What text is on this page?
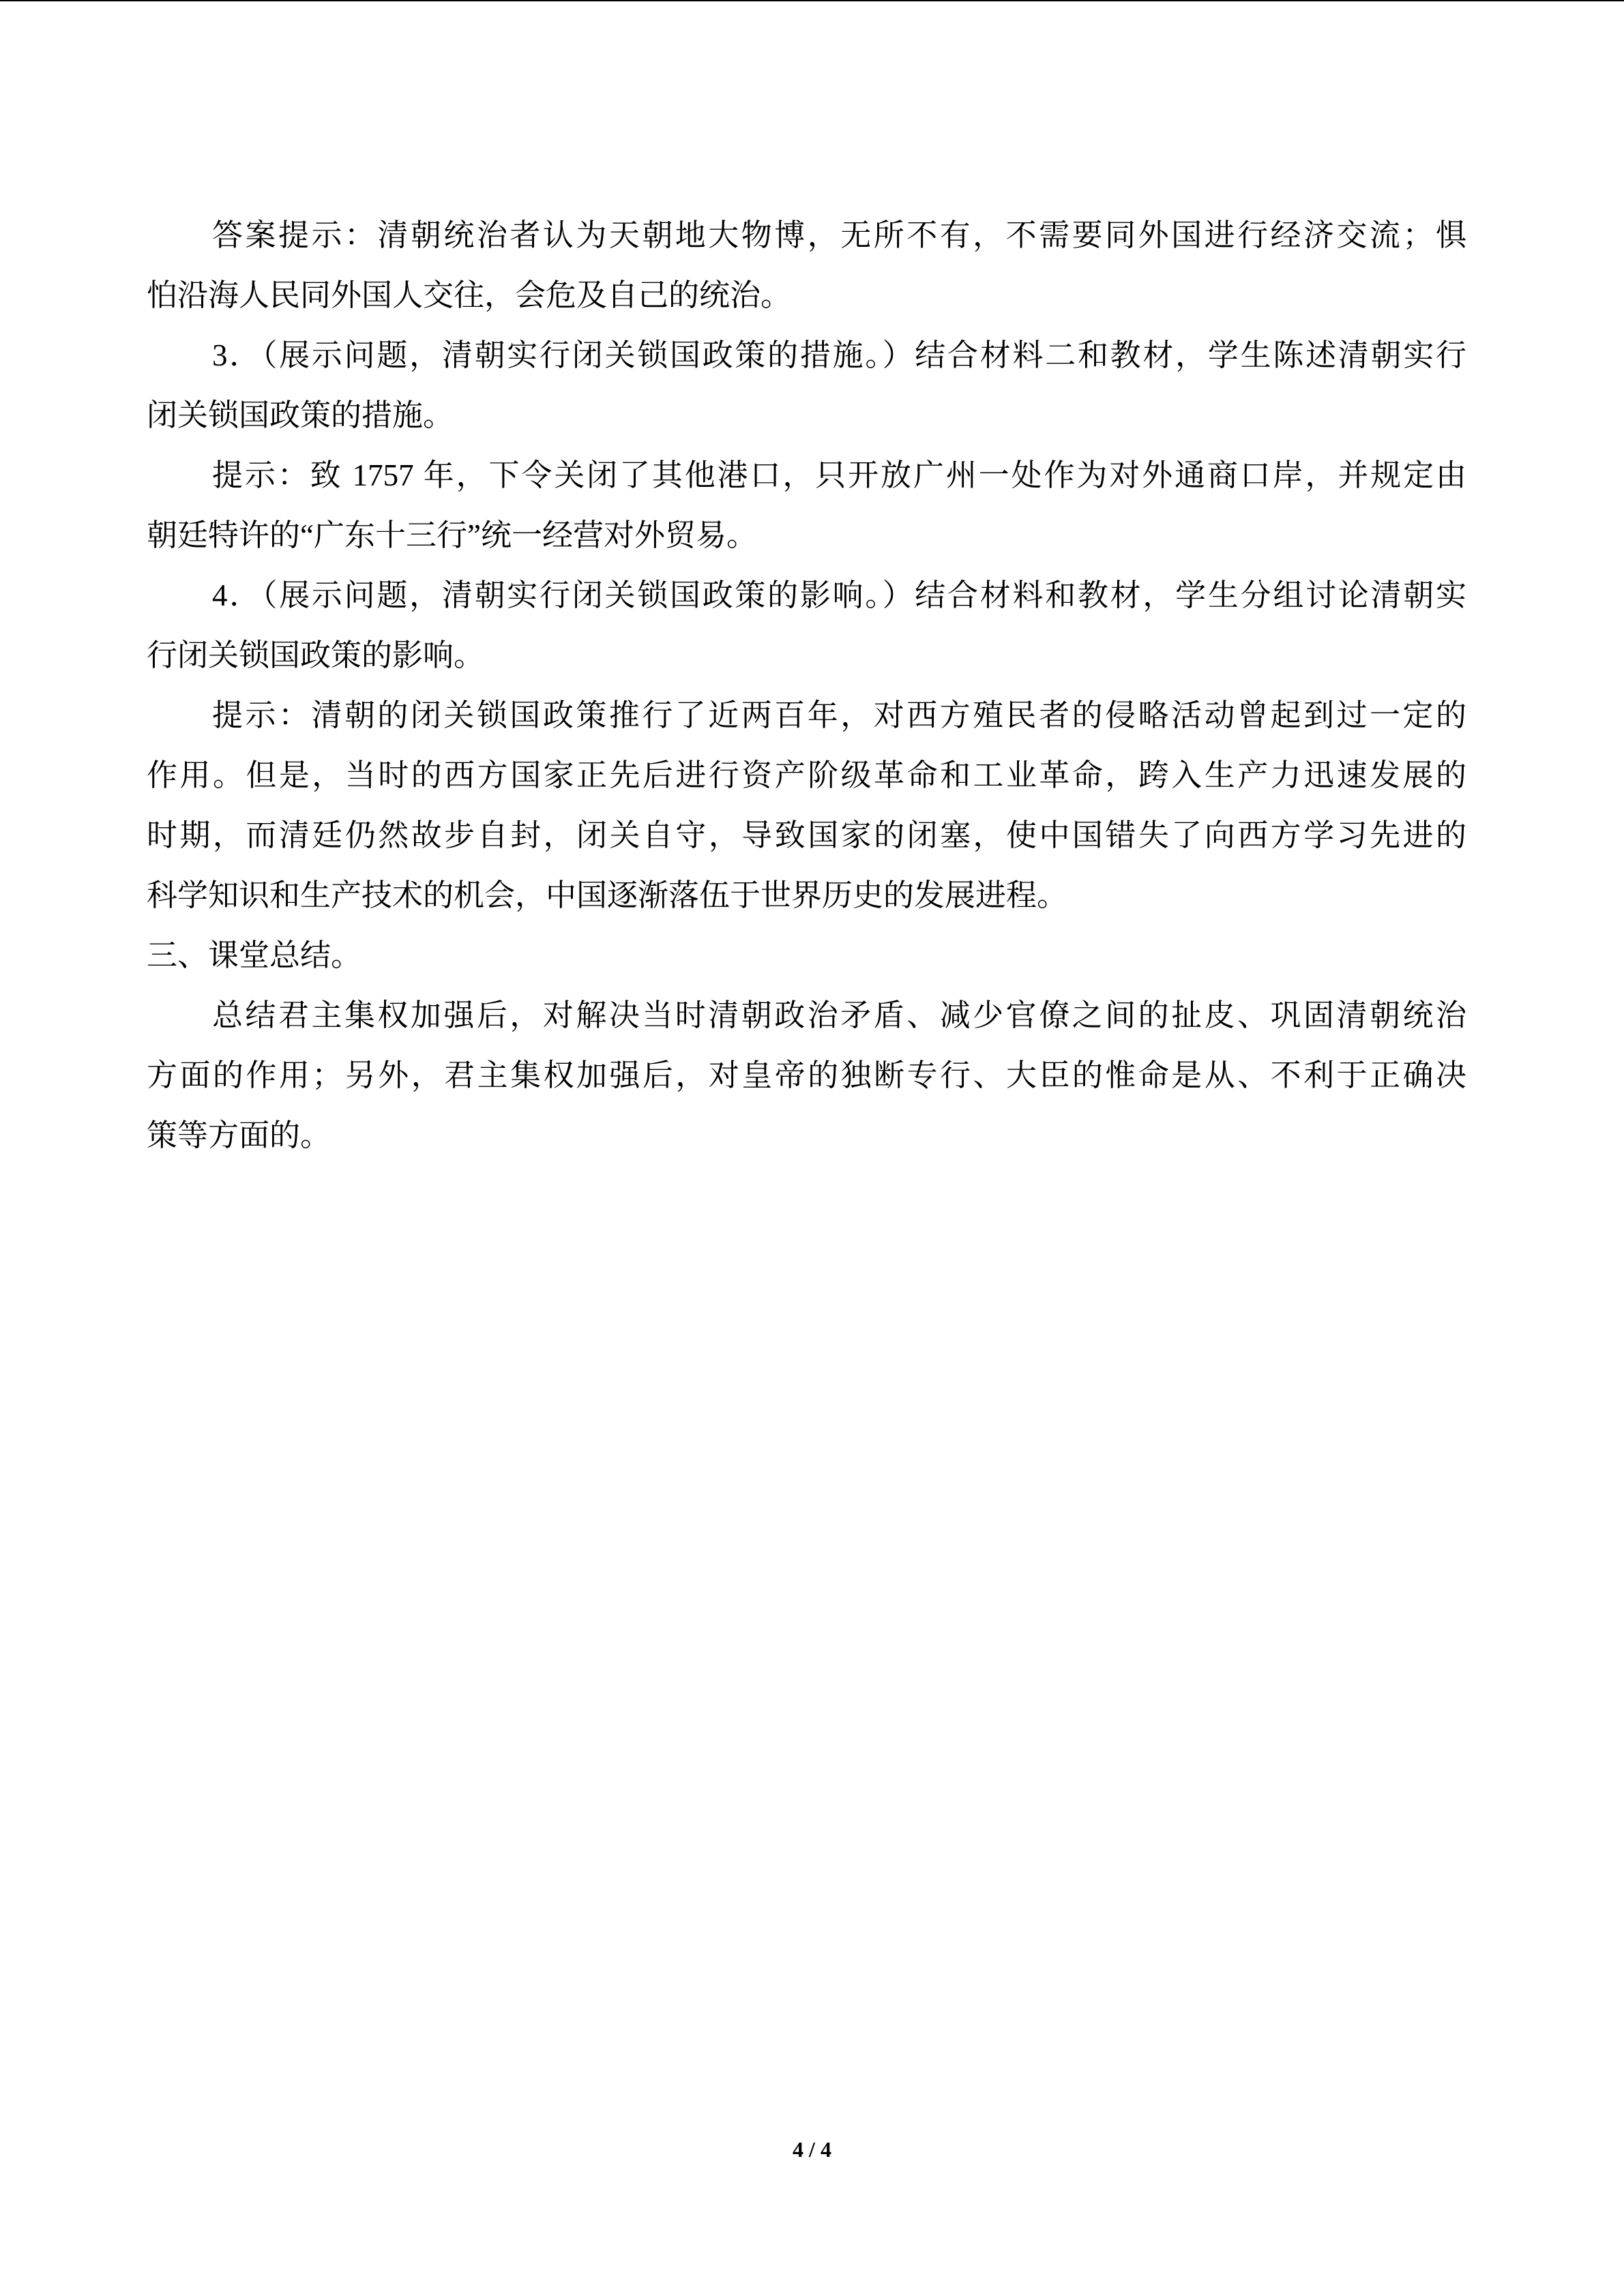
答案提示：清朝统治者认为天朝地大物博，无所不有，不需要同外国进行经济交流；惧
怕沿海人民同外国人交往，会危及自己的统治。
3．（展示问题，清朝实行闭关锁国政策的措施。）结合材料二和教材，学生陈述清朝实行
闭关锁国政策的措施。
提示：致 1757 年，下令关闭了其他港口，只开放广州一处作为对外通商口岸，并规定由
朝廷特许的“广东十三行”统一经营对外贸易。
4．（展示问题，清朝实行闭关锁国政策的影响。）结合材料和教材，学生分组讨论清朝实
行闭关锁国政策的影响。
提示：清朝的闭关锁国政策推行了近两百年，对西方殖民者的侵略活动曾起到过一定的
作用。但是，当时的西方国家正先后进行资产阶级革命和工业革命，跨入生产力迅速发展的
时期，而清廷仍然故步自封，闭关自守，导致国家的闭塞，使中国错失了向西方学习先进的
科学知识和生产技术的机会，中国逐渐落伍于世界历史的发展进程。
三、课堂总结。
总结君主集权加强后，对解决当时清朝政治矛盾、减少官僚之间的扯皮、巩固清朝统治
方面的作用；另外，君主集权加强后，对皇帝的独断专行、大臣的惟命是从、不利于正确决
策等方面的。
4 / 4
